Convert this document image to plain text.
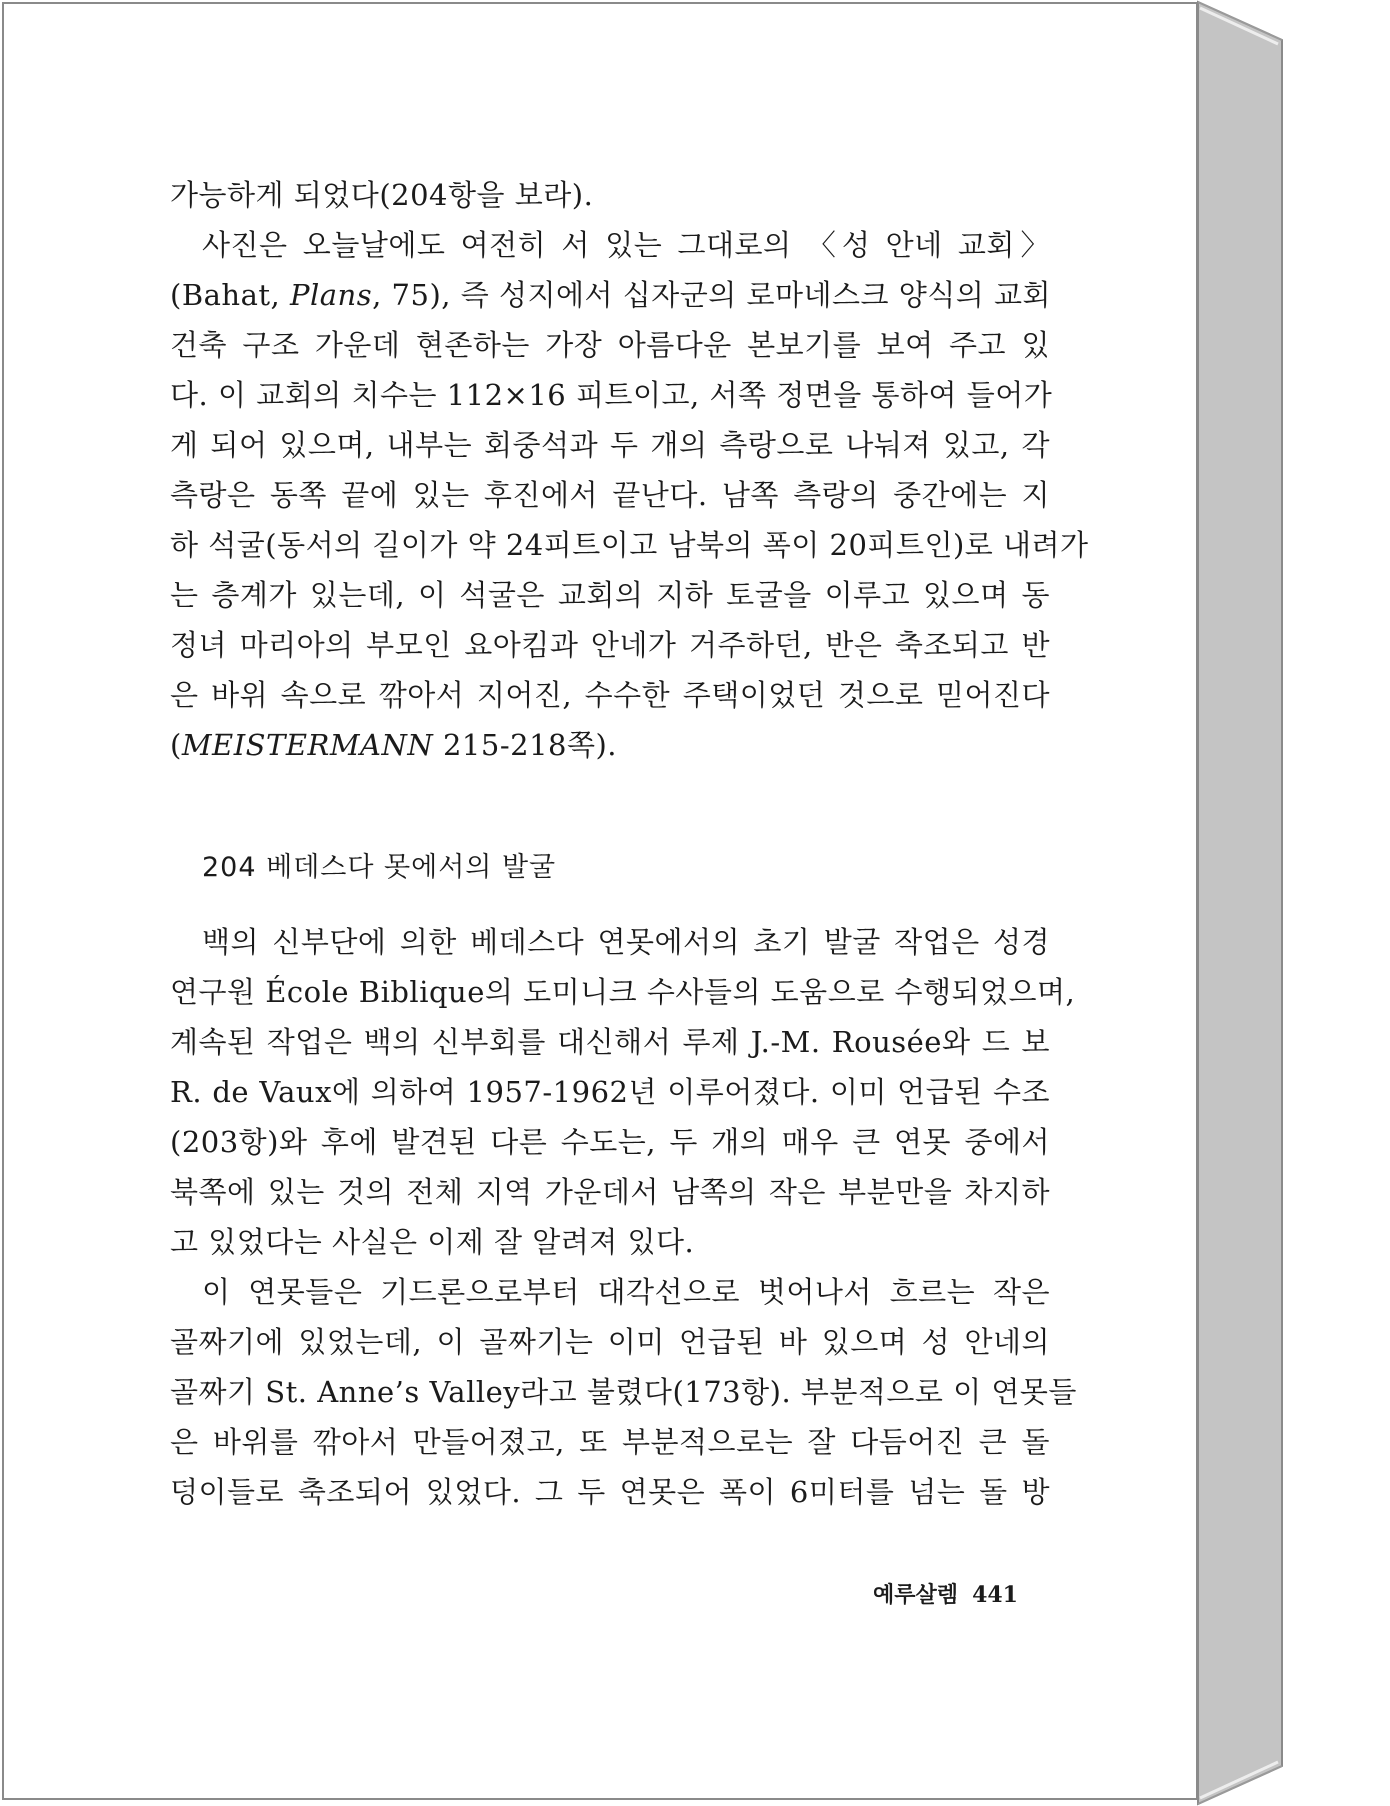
가능하게 되었다(204항을 보라).
사진은 오늘날에도 여전히 서 있는 그대로의 〈성 안네 교회〉
(Bahat, Plans, 75), 즉 성지에서 십자군의 로마네스크 양식의 교회
건축 구조 가운데 현존하는 가장 아름다운 본보기를 보여 주고 있
다. 이 교회의 치수는 112×16 피트이고, 서쪽 정면을 통하여 들어가
게 되어 있으며, 내부는 회중석과 두 개의 측랑으로 나눠져 있고, 각
측랑은 동쪽 끝에 있는 후진에서 끝난다. 남쪽 측랑의 중간에는 지
하 석굴(동서의 길이가 약 24피트이고 남북의 폭이 20피트인)로 내려가
는 층계가 있는데, 이 석굴은 교회의 지하 토굴을 이루고 있으며 동
정녀 마리아의 부모인 요아킴과 안네가 거주하던, 반은 축조되고 반
은 바위 속으로 깎아서 지어진, 수수한 주택이었던 것으로 믿어진다
(MEISTERMANN 215-218쪽).
204 베데스다 못에서의 발굴
백의 신부단에 의한 베데스다 연못에서의 초기 발굴 작업은 성경
연구원 École Biblique의 도미니크 수사들의 도움으로 수행되었으며,
계속된 작업은 백의 신부회를 대신해서 루제 J.-M. Rousée와 드 보
R. de Vaux에 의하여 1957-1962년 이루어졌다. 이미 언급된 수조
(203항)와 후에 발견된 다른 수도는, 두 개의 매우 큰 연못 중에서
북쪽에 있는 것의 전체 지역 가운데서 남쪽의 작은 부분만을 차지하
고 있었다는 사실은 이제 잘 알려져 있다.
이 연못들은 기드론으로부터 대각선으로 벗어나서 흐르는 작은
골짜기에 있었는데, 이 골짜기는 이미 언급된 바 있으며 성 안네의
골짜기 St. Anne’s Valley라고 불렸다(173항). 부분적으로 이 연못들
은 바위를 깎아서 만들어졌고, 또 부분적으로는 잘 다듬어진 큰 돌
덩이들로 축조되어 있었다. 그 두 연못은 폭이 6미터를 넘는 돌 방
예루살렘 441
